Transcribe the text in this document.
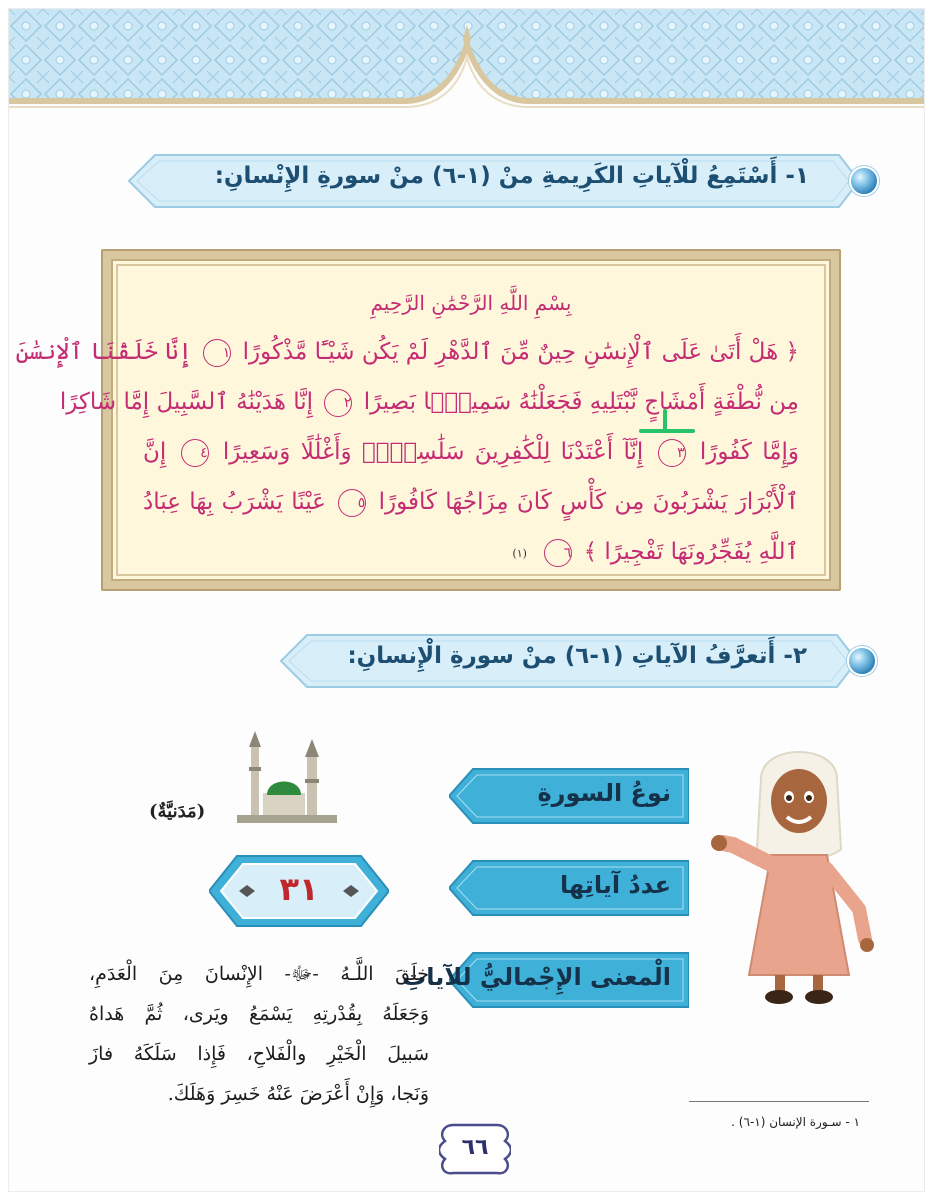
١- أَسْتَمِعُ للْآياتِ الكَرِيمةِ منْ (١-٦) منْ سورةِ الإِنْسانِ:
بِسْمِ اللَّهِ الرَّحْمَٰنِ الرَّحِيمِ
﴿ هَلْ أَتَىٰ عَلَى ٱلْإِنسَٰنِ حِينٌ مِّنَ ٱلدَّهْرِ لَمْ يَكُن شَيْـًٔا مَّذْكُورًا ١ إِنَّا خَلَقْنَا ٱلْإِنسَٰنَ
مِن نُّطْفَةٍ أَمْشَاجٍ نَّبْتَلِيهِ فَجَعَلْنَٰهُ سَمِيعًۢا بَصِيرًا ٢ إِنَّا هَدَيْنَٰهُ ٱلسَّبِيلَ إِمَّا شَاكِرًا
وَإِمَّا كَفُورًا ٣ إِنَّآ أَعْتَدْنَا لِلْكَٰفِرِينَ سَلَٰسِلَا۟ وَأَغْلَٰلًا وَسَعِيرًا ٤ إِنَّ
ٱلْأَبْرَارَ يَشْرَبُونَ مِن كَأْسٍ كَانَ مِزَاجُهَا كَافُورًا ٥ عَيْنًا يَشْرَبُ بِهَا عِبَادُ
ٱللَّهِ يُفَجِّرُونَهَا تَفْجِيرًا ﴾ ٦ (١)
٢- أَتعرَّفُ الآياتِ (١-٦) منْ سورةِ الْإِنسانِ:
(مَدَنيَّةٌ)
٣١
نوعُ السورةِ
عددُ آياتِها
الْمعنى الإِجْماليُّ للآياتِ
خلَقَ اللَّـهُ -ﷻ- الإِنْسانَ مِنَ الْعَدَمِ،
وَجَعَلَهُ بِقُدْرتِهِ يَسْمَعُ ويَرى، ثُمَّ هَداهُ
سَبيلَ الْخَيْرِ والْفَلاحِ، فَإِذا سَلَكَهُ فازَ
وَنَجا، وَإِنْ أَعْرَضَ عَنْهُ خَسِرَ وَهَلَكَ.
١ - سـورة الإنسان (١-٦) .
٦٦
